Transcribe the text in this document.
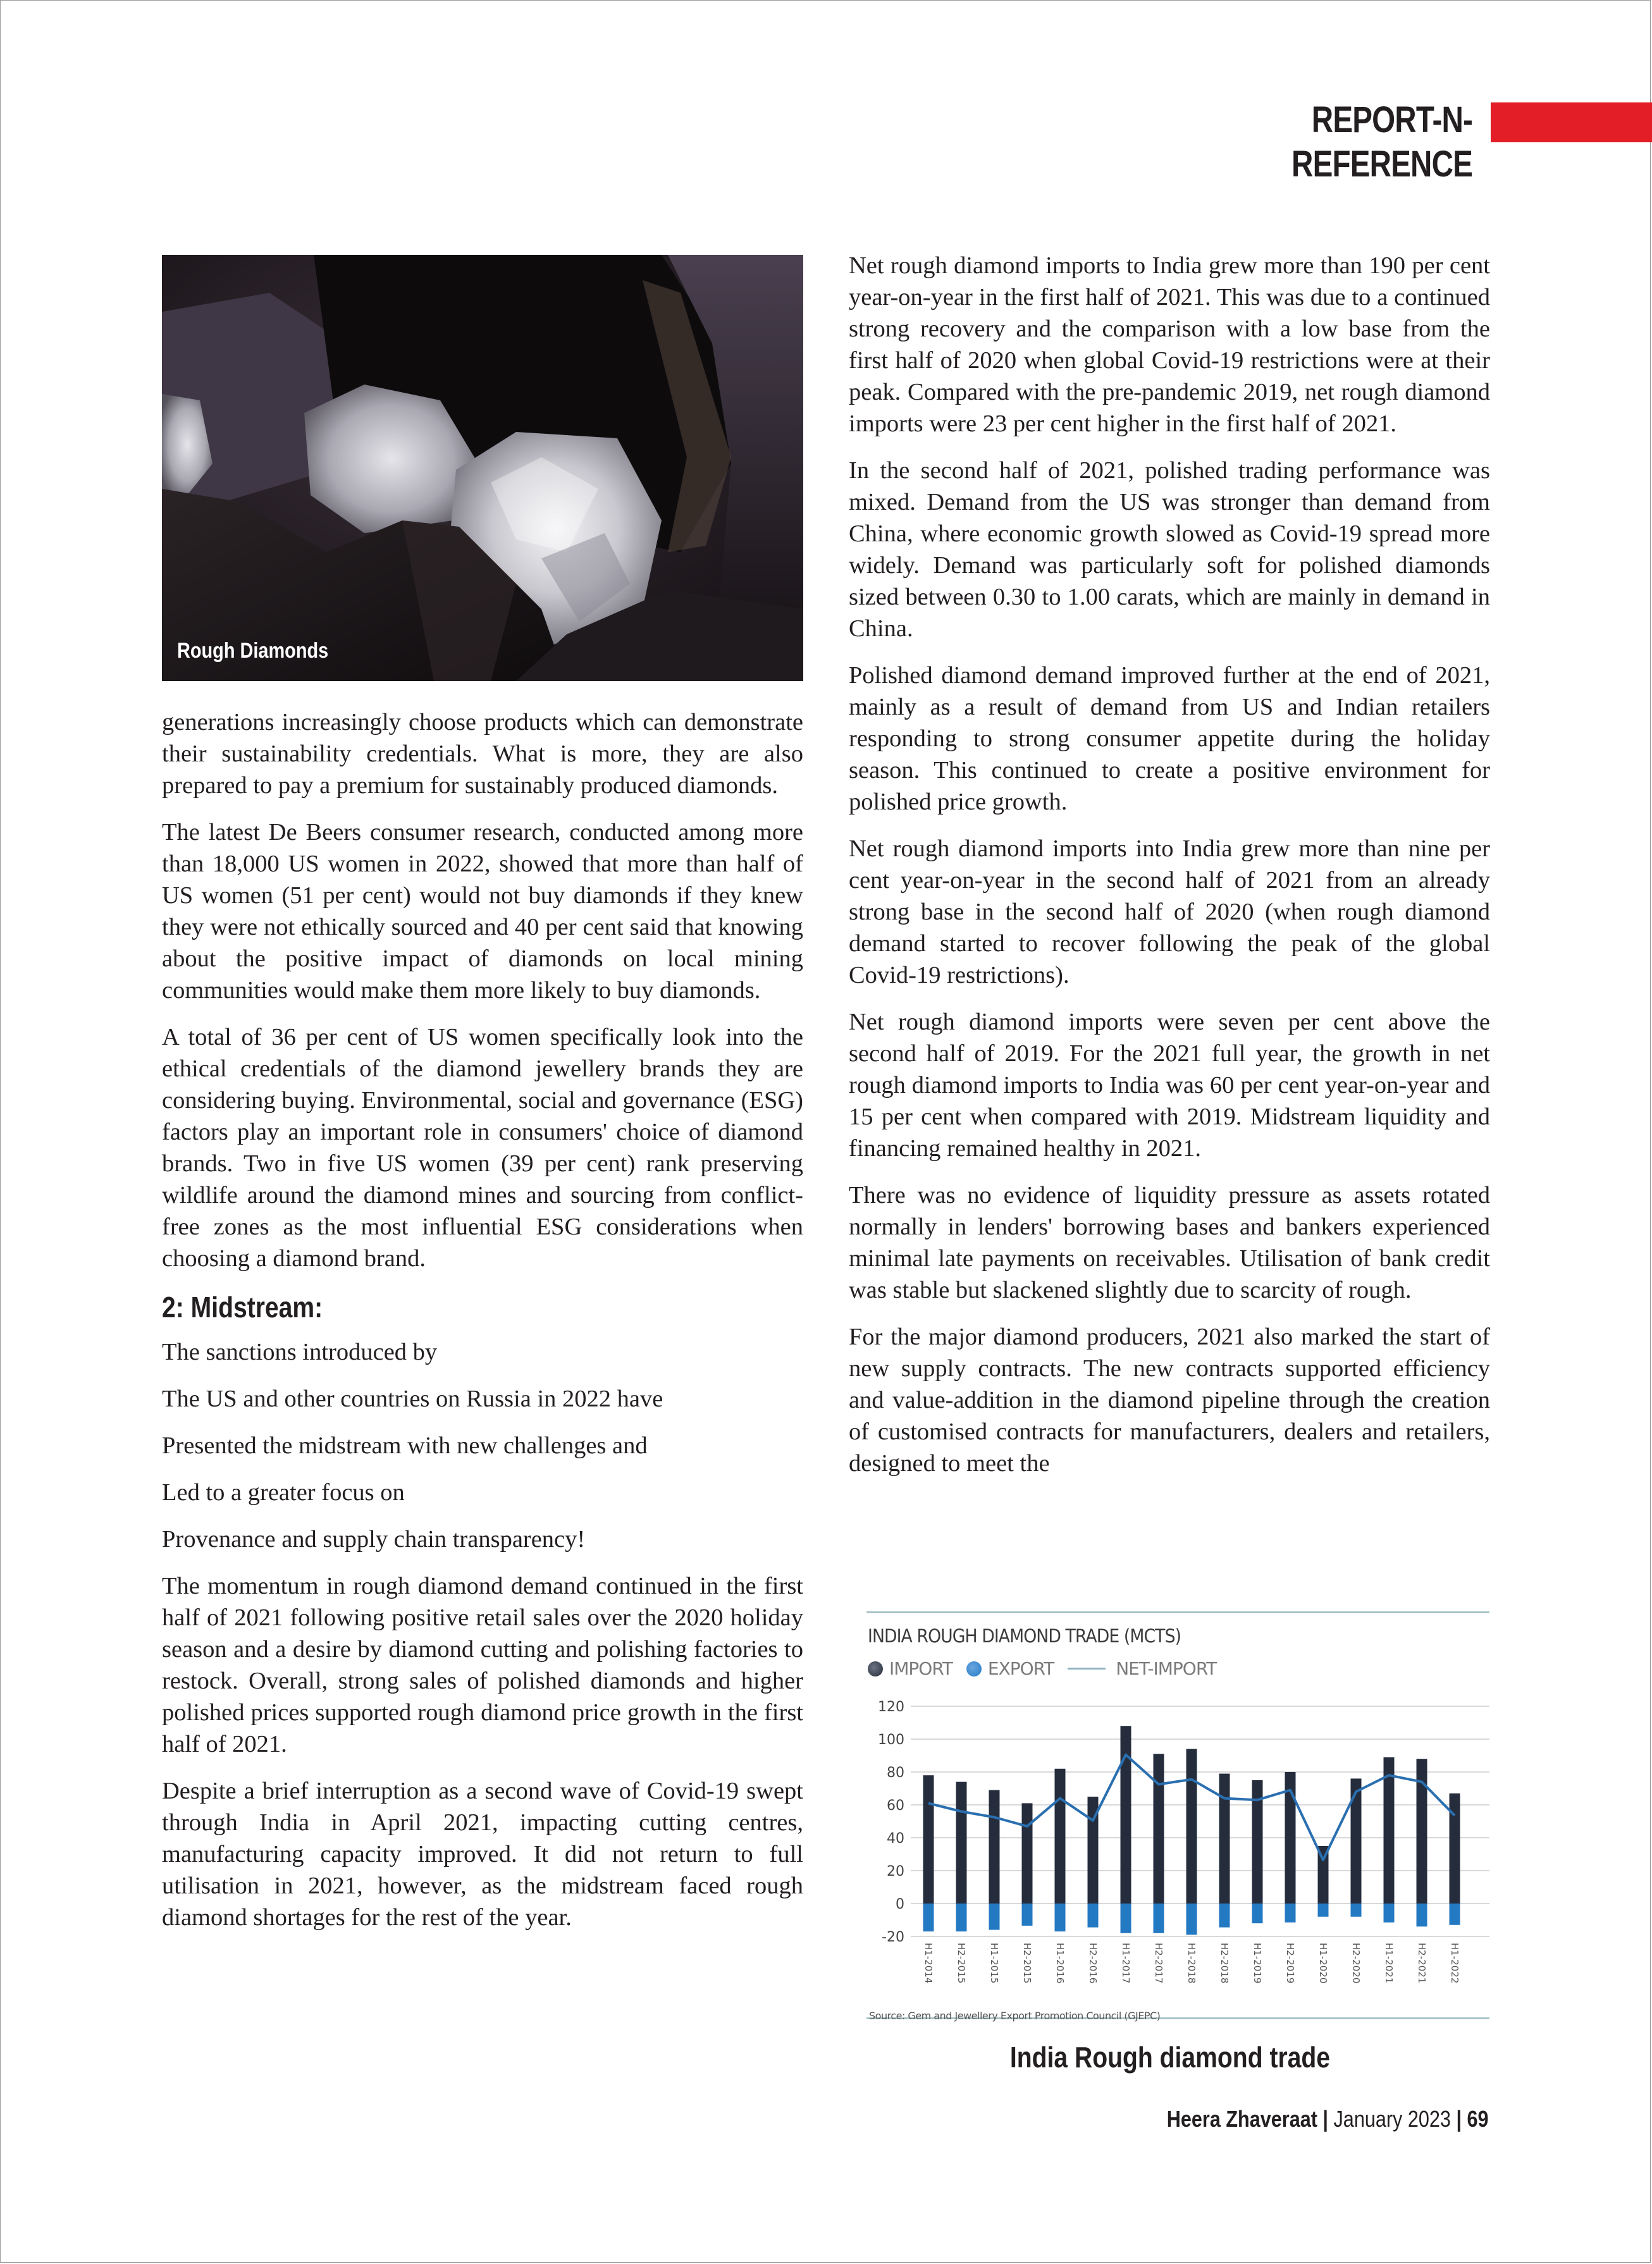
REPORT-N-REFERENCE
Rough Diamonds

generations increasingly choose products which can demonstrate their sustainability credentials. What is more, they are also prepared to pay a premium for sustainably produced diamonds.

The latest De Beers consumer research, conducted among more than 18,000 US women in 2022, showed that more than half of US women (51 per cent) would not buy diamonds if they knew they were not ethically sourced and 40 per cent said that knowing about the positive impact of diamonds on local mining communities would make them more likely to buy diamonds.

A total of 36 per cent of US women specifically look into the ethical credentials of the diamond jewellery brands they are considering buying. Environmental, social and governance (ESG) factors play an important role in consumers' choice of diamond brands. Two in five US women (39 per cent) rank preserving wildlife around the diamond mines and sourcing from conflict-free zones as the most influential ESG considerations when choosing a diamond brand.

2: Midstream:

The sanctions introduced by

The US and other countries on Russia in 2022 have

Presented the midstream with new challenges and

Led to a greater focus on

Provenance and supply chain transparency!

The momentum in rough diamond demand continued in the first half of 2021 following positive retail sales over the 2020 holiday season and a desire by diamond cutting and polishing factories to restock. Overall, strong sales of polished diamonds and higher polished prices supported rough diamond price growth in the first half of 2021.

Despite a brief interruption as a second wave of Covid-19 swept through India in April 2021, impacting cutting centres, manufacturing capacity improved. It did not return to full utilisation in 2021, however, as the midstream faced rough diamond shortages for the rest of the year.

Net rough diamond imports to India grew more than 190 per cent year-on-year in the first half of 2021. This was due to a continued strong recovery and the comparison with a low base from the first half of 2020 when global Covid-19 restrictions were at their peak. Compared with the pre-pandemic 2019, net rough diamond imports were 23 per cent higher in the first half of 2021.

In the second half of 2021, polished trading performance was mixed. Demand from the US was stronger than demand from China, where economic growth slowed as Covid-19 spread more widely. Demand was particularly soft for polished diamonds sized between 0.30 to 1.00 carats, which are mainly in demand in China.

Polished diamond demand improved further at the end of 2021, mainly as a result of demand from US and Indian retailers responding to strong consumer appetite during the holiday season. This continued to create a positive environment for polished price growth.

Net rough diamond imports into India grew more than nine per cent year-on-year in the second half of 2021 from an already strong base in the second half of 2020 (when rough diamond demand started to recover following the peak of the global Covid-19 restrictions).

Net rough diamond imports were seven per cent above the second half of 2019. For the 2021 full year, the growth in net rough diamond imports to India was 60 per cent year-on-year and 15 per cent when compared with 2019. Midstream liquidity and financing remained healthy in 2021.

There was no evidence of liquidity pressure as assets rotated normally in lenders' borrowing bases and bankers experienced minimal late payments on receivables. Utilisation of bank credit was stable but slackened slightly due to scarcity of rough.

For the major diamond producers, 2021 also marked the start of new supply contracts. The new contracts supported efficiency and value-addition in the diamond pipeline through the creation of customised contracts for manufacturers, dealers and retailers, designed to meet the

INDIA ROUGH DIAMOND TRADE (MCTS)
IMPORT EXPORT	NET-IMPORT
120
100
80
60
40
20
0
-20
H1-2014 H2-2015 H1-2015 H2-2015 H1-2016 H2-2016 H1-2017 H2-2017 H1-2018 H2-2018 H1-2019 H2-2019 H1-2020 H2-2020 H1-2021 H2-2021 H1-2022
Source: Gem and Jewellery Export Promotion Council (GJEPC)
India Rough diamond trade
Heera Zhaveraat | January 2023 | 69
